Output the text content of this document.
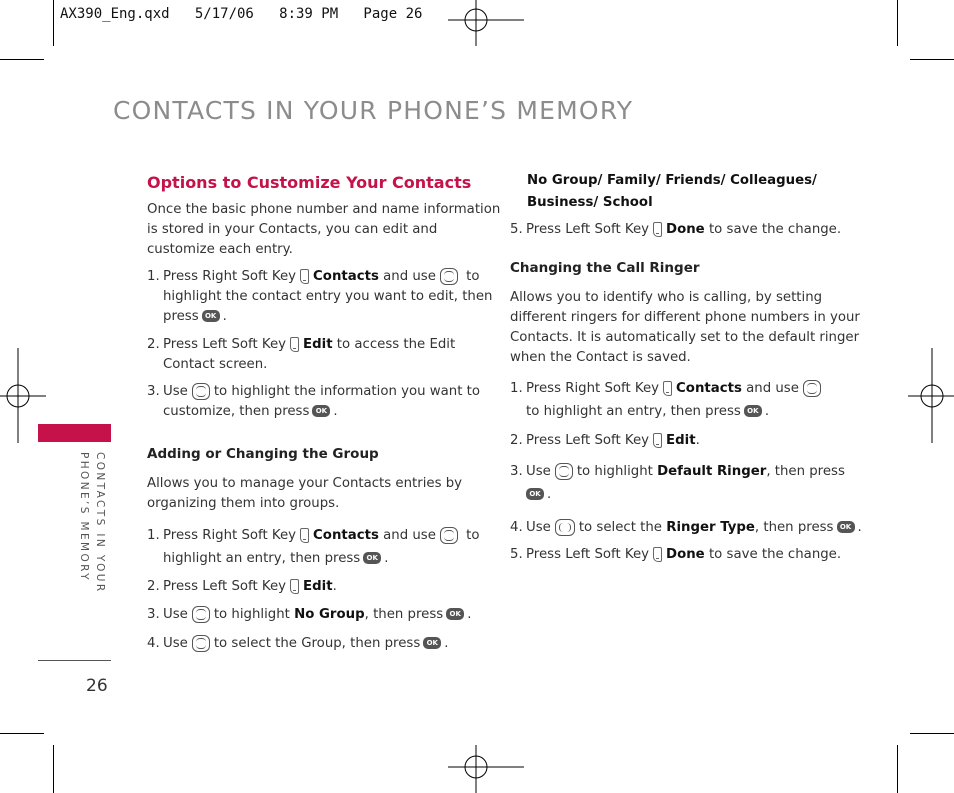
AX390_Eng.qxd   5/17/06   8:39 PM   Page 26
CONTACTS IN YOUR PHONE’S MEMORY
PHONE’S MEMORY CONTACTS IN YOUR
26
Options to Customize Your Contacts
Once the basic phone number and name information
is stored in your Contacts, you can edit and
customize each entry.
1. Press Right Soft Key Contacts and use to
highlight the contact entry you want to edit, then
press OK .
2. Press Left Soft Key Edit to access the Edit
Contact screen.
3. Use to highlight the information you want to
customize, then press OK .
Adding or Changing the Group
Allows you to manage your Contacts entries by
organizing them into groups.
1. Press Right Soft Key Contacts and use to
highlight an entry, then press OK .
2. Press Left Soft Key Edit.
3. Use to highlight No Group, then press OK .
4. Use to select the Group, then press OK .
No Group/ Family/ Friends/ Colleagues/
Business/ School
5. Press Left Soft Key Done to save the change.
Changing the Call Ringer
Allows you to identify who is calling, by setting
different ringers for different phone numbers in your
Contacts. It is automatically set to the default ringer
when the Contact is saved.
1. Press Right Soft Key Contacts and use
to highlight an entry, then press OK .
2. Press Left Soft Key Edit.
3. Use to highlight Default Ringer, then press
OK .
4. Use to select the Ringer Type, then press OK .
5. Press Left Soft Key Done to save the change.
